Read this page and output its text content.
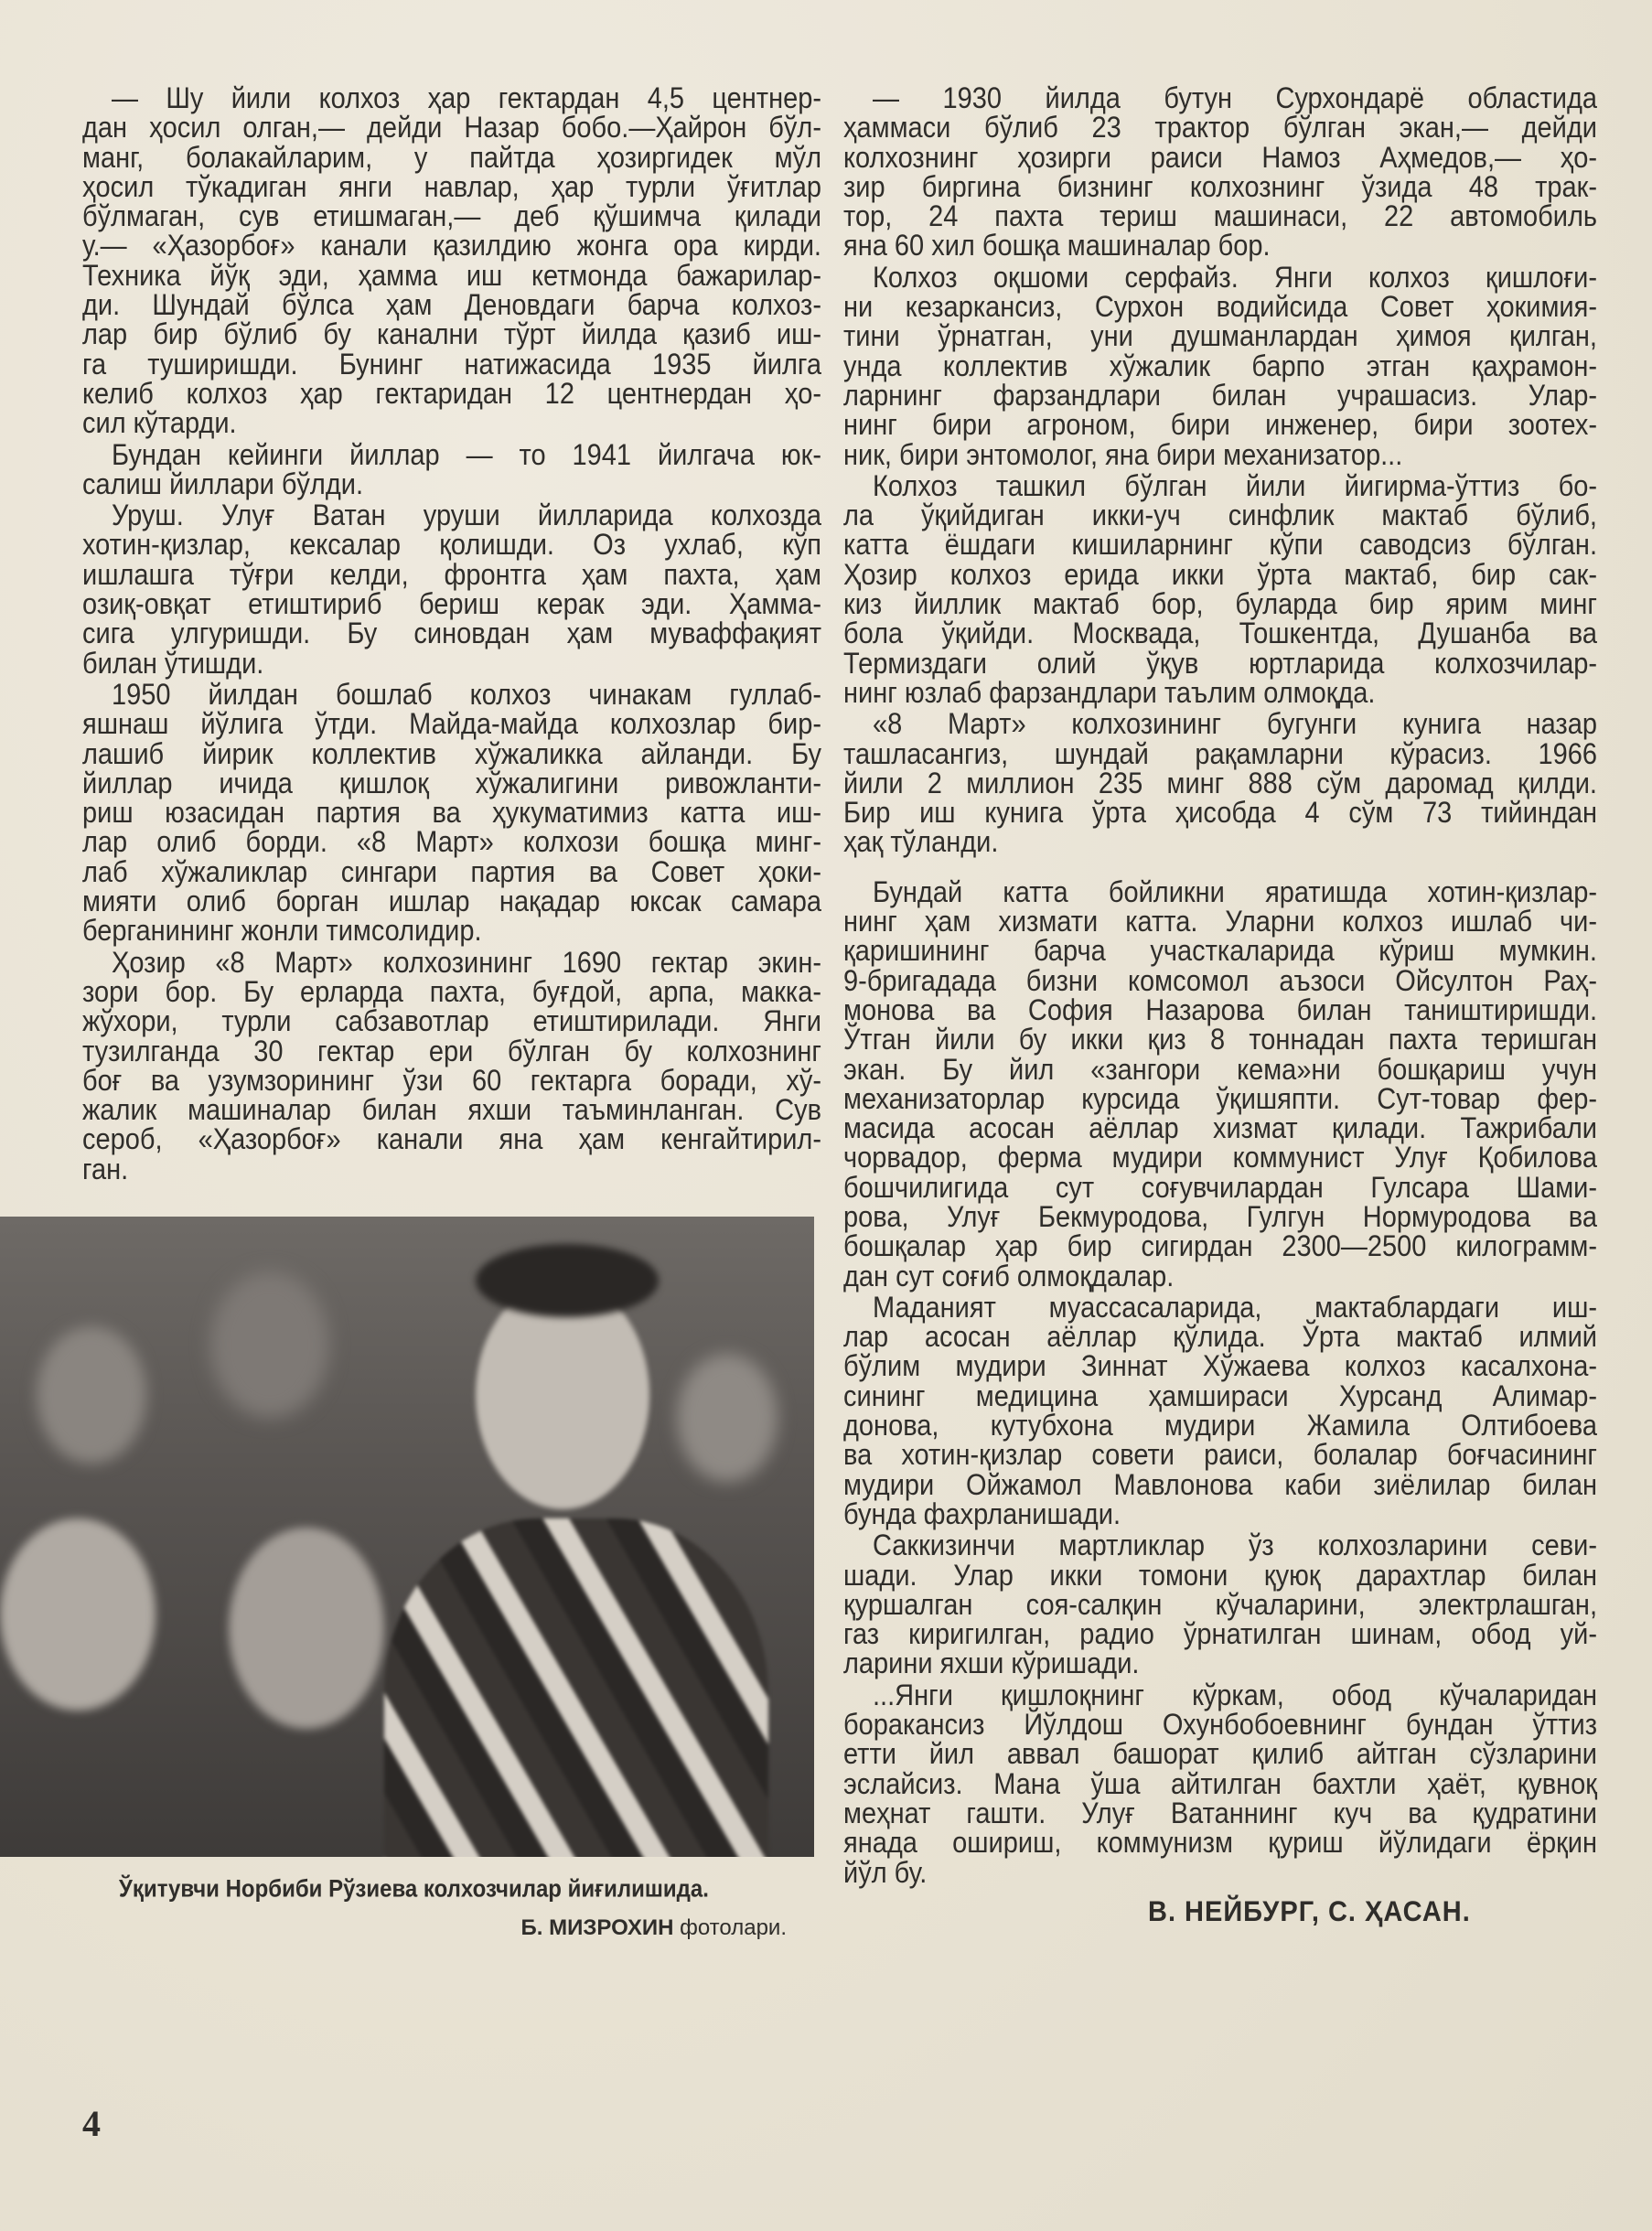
— Шу йили колхоз ҳар гектардан 4,5 центнер-
дан ҳосил олган,— дейди Назар бобо.—Ҳайрон бўл-
манг, болакайларим, у пайтда ҳозиргидек мўл
ҳосил тўкадиган янги навлар, ҳар турли ўғитлар
бўлмаган, сув етишмаган,— деб қўшимча қилади
у.— «Ҳазорбоғ» канали қазилдию жонга ора кирди.
Техника йўқ эди, ҳамма иш кетмонда бажарилар-
ди. Шундай бўлса ҳам Деновдаги барча колхоз-
лар бир бўлиб бу канални тўрт йилда қазиб иш-
га туширишди. Бунинг натижасида 1935 йилга
келиб колхоз ҳар гектаридан 12 центнердан ҳо-
сил кўтарди.
Бундан кейинги йиллар — то 1941 йилгача юк-
салиш йиллари бўлди.
Уруш. Улуғ Ватан уруши йилларида колхозда
хотин-қизлар, кексалар қолишди. Оз ухлаб, кўп
ишлашга тўғри келди, фронтга ҳам пахта, ҳам
озиқ-овқат етиштириб бериш керак эди. Ҳамма-
сига улгуришди. Бу синовдан ҳам муваффақият
билан ўтишди.
1950 йилдан бошлаб колхоз чинакам гуллаб-
яшнаш йўлига ўтди. Майда-майда колхозлар бир-
лашиб йирик коллектив хўжаликка айланди. Бу
йиллар ичида қишлоқ хўжалигини ривожланти-
риш юзасидан партия ва ҳукуматимиз катта иш-
лар олиб борди. «8 Март» колхози бошқа минг-
лаб хўжаликлар сингари партия ва Совет ҳоки-
мияти олиб борган ишлар нақадар юксак самара
берганининг жонли тимсолидир.
Ҳозир «8 Март» колхозининг 1690 гектар экин-
зори бор. Бу ерларда пахта, буғдой, арпа, макка-
жўхори, турли сабзавотлар етиштирилади. Янги
тузилганда 30 гектар ери бўлган бу колхознинг
боғ ва узумзорининг ўзи 60 гектарга боради, хў-
жалик машиналар билан яхши таъминланган. Сув
сероб, «Ҳазорбоғ» канали яна ҳам кенгайтирил-
ган.
— 1930 йилда бутун Сурхондарё областида
ҳаммаси бўлиб 23 трактор бўлган экан,— дейди
колхознинг ҳозирги раиси Намоз Аҳмедов,— ҳо-
зир биргина бизнинг колхознинг ўзида 48 трак-
тор, 24 пахта териш машинаси, 22 автомобиль
яна 60 хил бошқа машиналар бор.
Колхоз оқшоми серфайз. Янги колхоз қишлоғи-
ни кезаркансиз, Сурхон водийсида Совет ҳокимия-
тини ўрнатган, уни душманлардан ҳимоя қилган,
унда коллектив хўжалик барпо этган қаҳрамон-
ларнинг фарзандлари билан учрашасиз. Улар-
нинг бири агроном, бири инженер, бири зоотех-
ник, бири энтомолог, яна бири механизатор...
Колхоз ташкил бўлган йили йигирма-ўттиз бо-
ла ўқийдиган икки-уч синфлик мактаб бўлиб,
катта ёшдаги кишиларнинг кўпи саводсиз бўлган.
Ҳозир колхоз ерида икки ўрта мактаб, бир сак-
киз йиллик мактаб бор, буларда бир ярим минг
бола ўқийди. Москвада, Тошкентда, Душанба ва
Термиздаги олий ўқув юртларида колхозчилар-
нинг юзлаб фарзандлари таълим олмоқда.
«8 Март» колхозининг бугунги кунига назар
ташласангиз, шундай рақамларни кўрасиз. 1966
йили 2 миллион 235 минг 888 сўм даромад қилди.
Бир иш кунига ўрта ҳисобда 4 сўм 73 тийиндан
ҳақ тўланди.
Бундай катта бойликни яратишда хотин-қизлар-
нинг ҳам хизмати катта. Уларни колхоз ишлаб чи-
қаришининг барча участкаларида кўриш мумкин.
9-бригадада бизни комсомол аъзоси Ойсултон Раҳ-
монова ва София Назарова билан таништиришди.
Ўтган йили бу икки қиз 8 тоннадан пахта теришган
экан. Бу йил «зангори кема»ни бошқариш учун
механизаторлар курсида ўқишяпти. Сут-товар фер-
масида асосан аёллар хизмат қилади. Тажрибали
чорвадор, ферма мудири коммунист Улуғ Қобилова
бошчилигида сут соғувчилардан Гулсара Шами-
рова, Улуғ Бекмуродова, Гулгун Нормуродова ва
бошқалар ҳар бир сигирдан 2300—2500 килограмм-
дан сут соғиб олмоқдалар.
Маданият муассасаларида, мактаблардаги иш-
лар асосан аёллар қўлида. Ўрта мактаб илмий
бўлим мудири Зиннат Хўжаева колхоз касалхона-
сининг медицина ҳамшираси Хурсанд Алимар-
донова, кутубхона мудири Жамила Олтибоева
ва хотин-қизлар совети раиси, болалар боғчасининг
мудири Ойжамол Мавлонова каби зиёлилар билан
бунда фахрланишади.
Саккизинчи мартликлар ўз колхозларини севи-
шади. Улар икки томони қуюқ дарахтлар билан
қуршалган соя-салқин кўчаларини, электрлашган,
газ киригилган, радио ўрнатилган шинам, обод уй-
ларини яхши кўришади.
...Янги қишлоқнинг кўркам, обод кўчаларидан
боракансиз Йўлдош Охунбобоевнинг бундан ўттиз
етти йил аввал башорат қилиб айтган сўзларини
эслайсиз. Мана ўша айтилган бахтли ҳаёт, қувноқ
меҳнат гашти. Улуғ Ватаннинг куч ва қудратини
янада ошириш, коммунизм қуриш йўлидаги ёрқин
йўл бу.
Ўқитувчи Норбиби Рўзиева колхозчилар йиғилишида.
Б. МИЗРОХИН фотолари.	В. НЕЙБУРГ, С. ҲАСАН.
4
